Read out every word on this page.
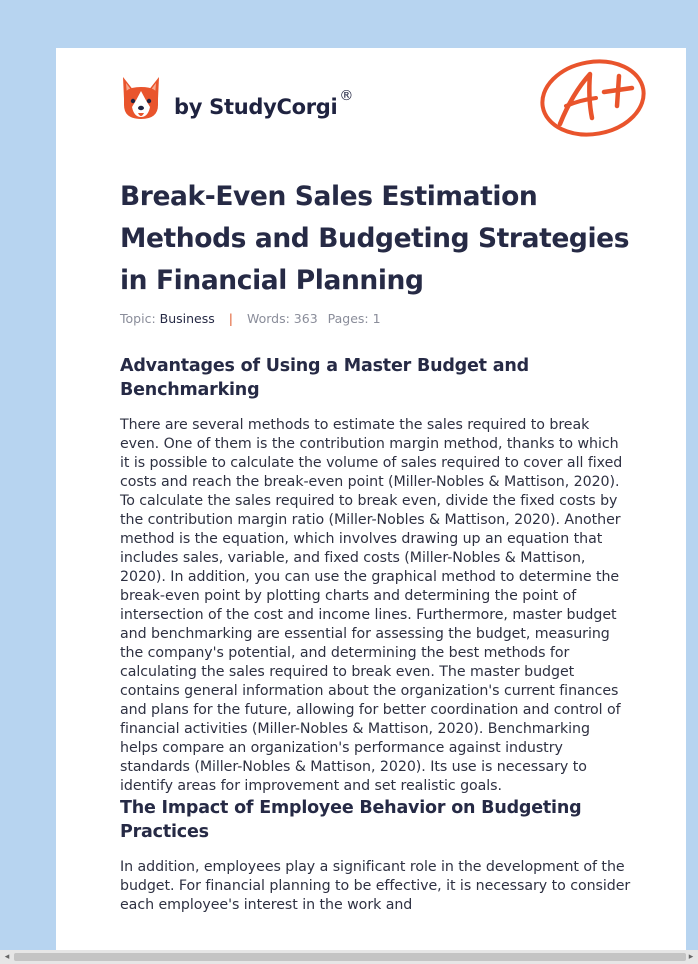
by StudyCorgi ®
Break-Even Sales Estimation Methods and Budgeting Strategies in Financial Planning
Topic: Business | Words: 363 Pages: 1
Advantages of Using a Master Budget and Benchmarking

There are several methods to estimate the sales required to break even. One of them is the contribution margin method, thanks to which it is possible to calculate the volume of sales required to cover all fixed costs and reach the break-even point (Miller-Nobles & Mattison, 2020). To calculate the sales required to break even, divide the fixed costs by the contribution margin ratio (Miller-Nobles & Mattison, 2020). Another method is the equation, which involves drawing up an equation that includes sales, variable, and fixed costs (Miller-Nobles & Mattison, 2020). In addition, you can use the graphical method to determine the break-even point by plotting charts and determining the point of intersection of the cost and income lines. Furthermore, master budget and benchmarking are essential for assessing the budget, measuring the company's potential, and determining the best methods for calculating the sales required to break even. The master budget contains general information about the organization's current finances and plans for the future, allowing for better coordination and control of financial activities (Miller-Nobles & Mattison, 2020). Benchmarking helps compare an organization's performance against industry standards (Miller-Nobles & Mattison, 2020). Its use is necessary to identify areas for improvement and set realistic goals.

The Impact of Employee Behavior on Budgeting Practices

In addition, employees play a significant role in the development of the budget. For financial planning to be effective, it is necessary to consider each employee's interest in the work and

◂	▸
